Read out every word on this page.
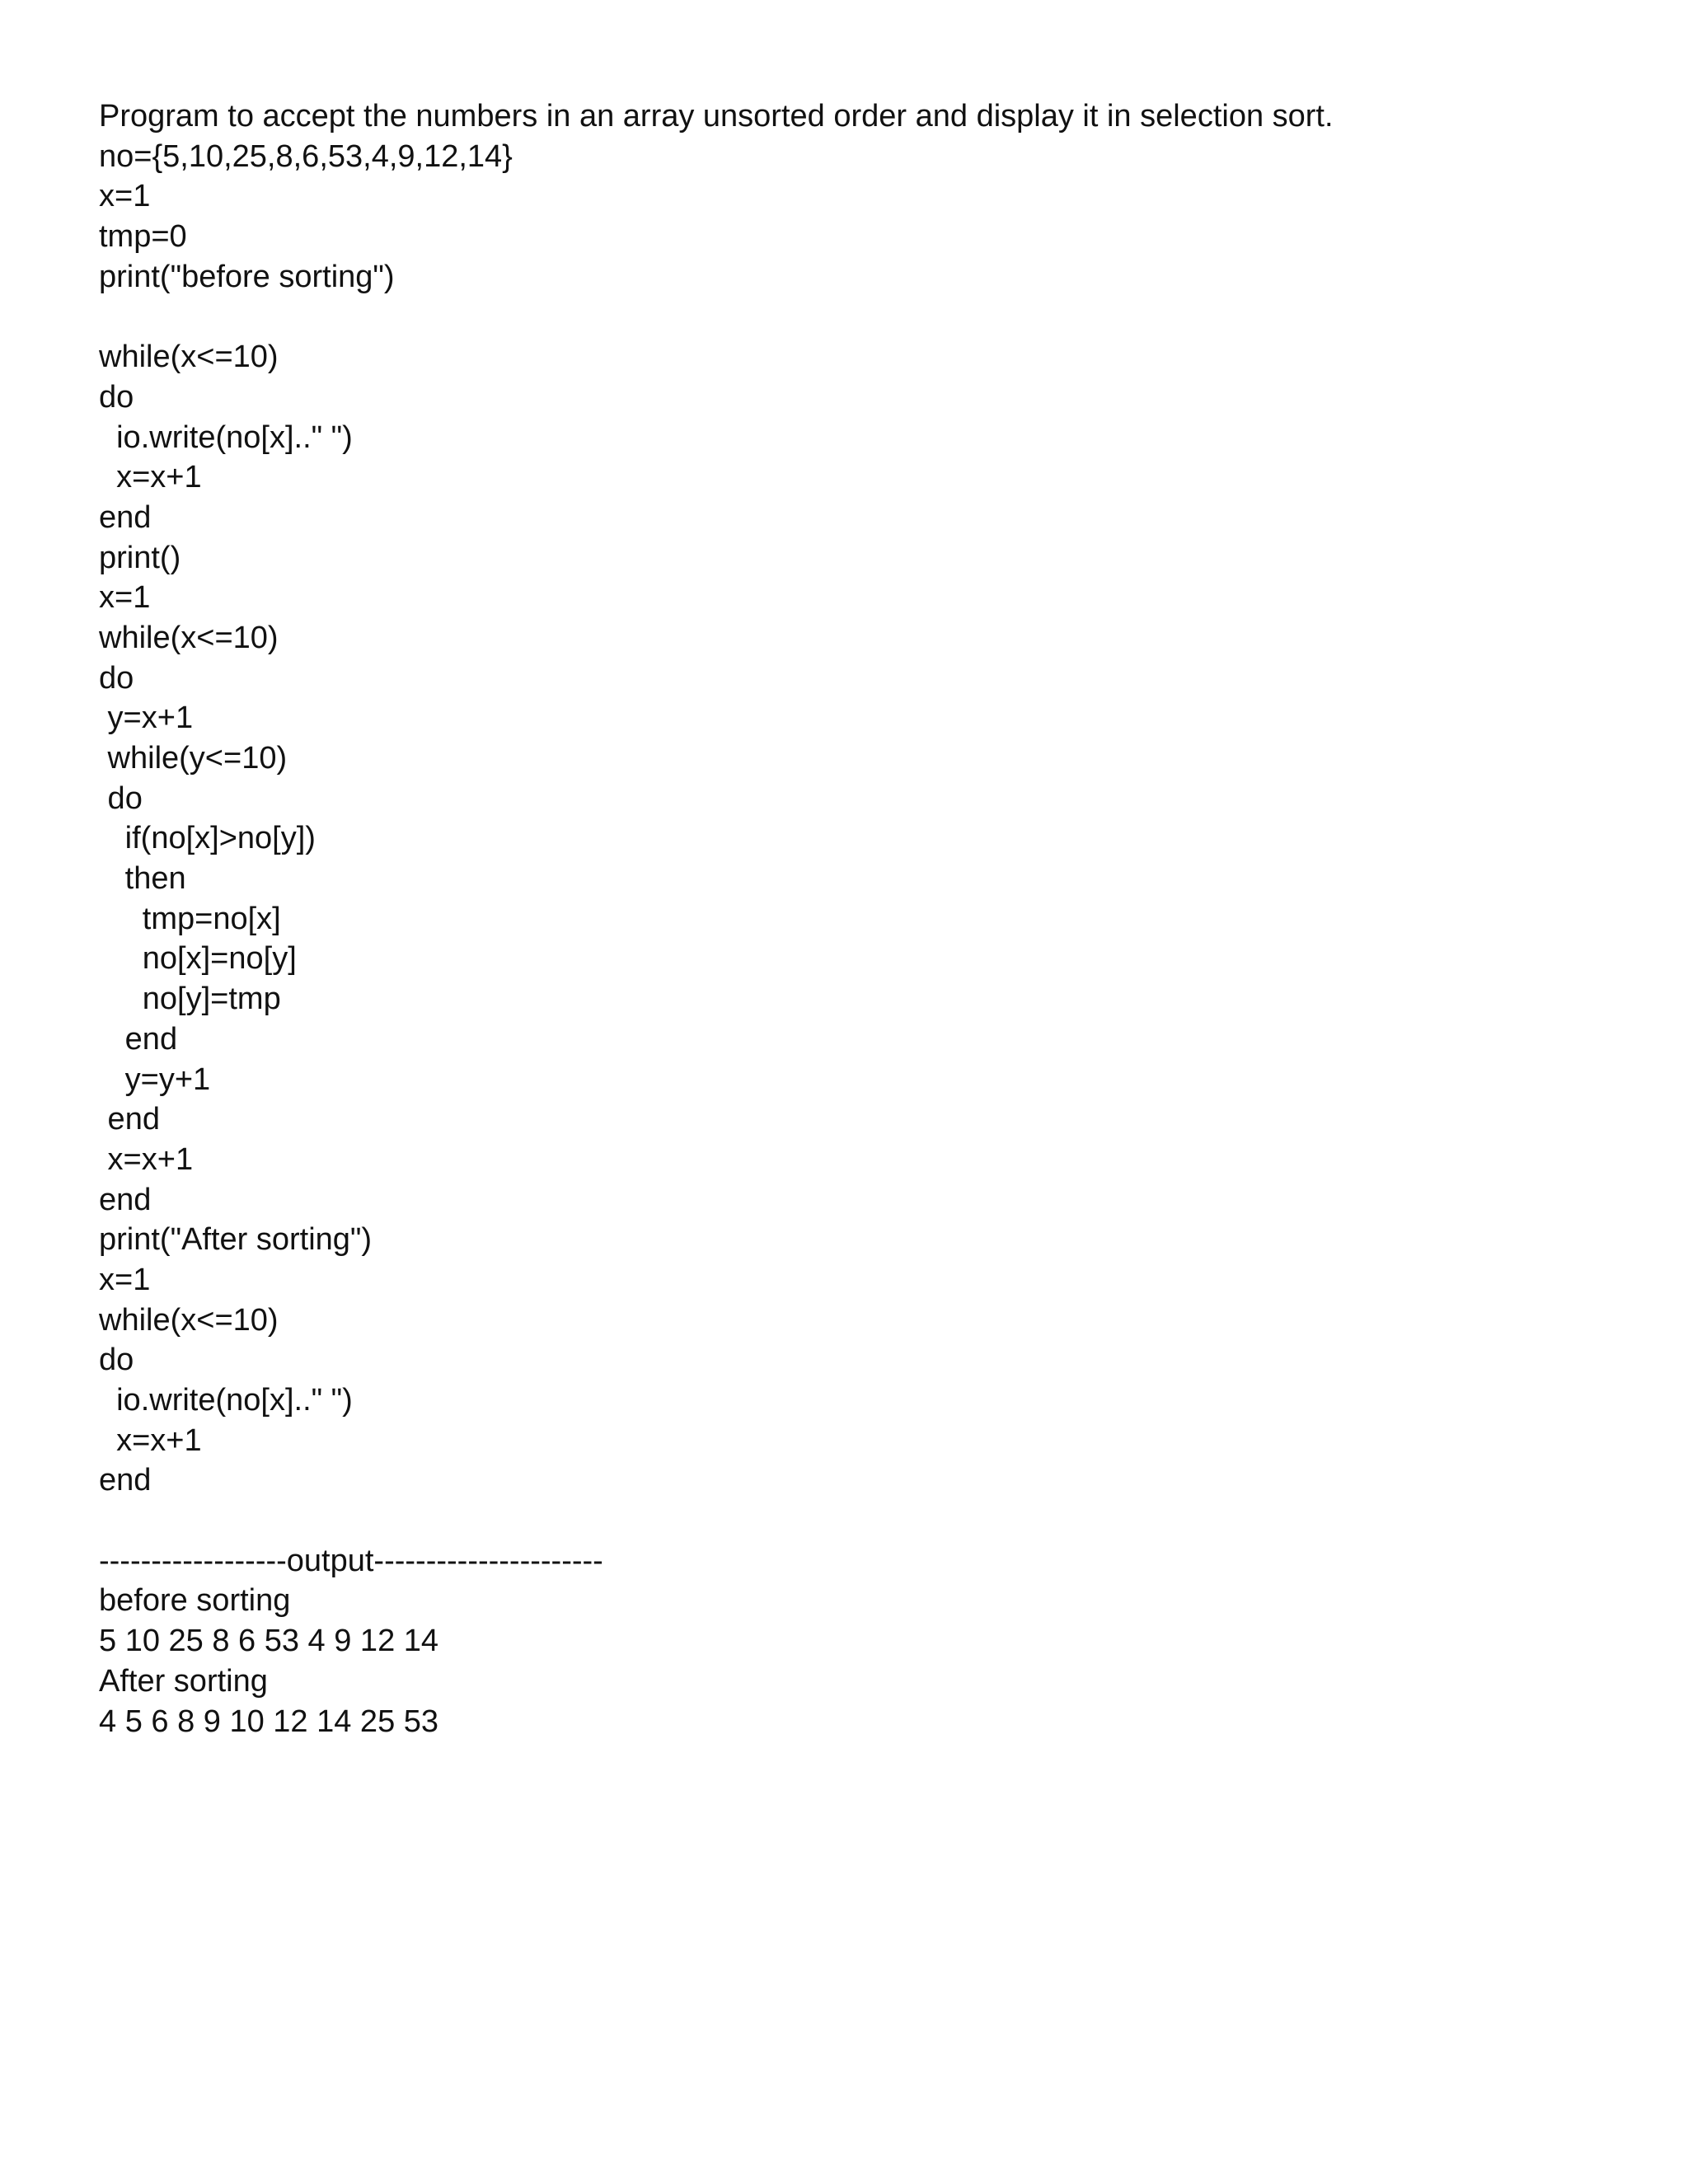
Program to accept the numbers in an array unsorted order and display it in selection sort.
no={5,10,25,8,6,53,4,9,12,14}
x=1
tmp=0
print("before sorting")
while(x<=10)
do
io.write(no[x].." ")
x=x+1
end
print()
x=1
while(x<=10)
do
y=x+1
while(y<=10)
do
if(no[x]>no[y])
then
tmp=no[x]
no[x]=no[y]
no[y]=tmp
end
y=y+1
end
x=x+1
end
print("After sorting")
x=1
while(x<=10)
do
io.write(no[x].." ")
x=x+1
end
------------------output----------------------
before sorting
5 10 25 8 6 53 4 9 12 14
After sorting
4 5 6 8 9 10 12 14 25 53
